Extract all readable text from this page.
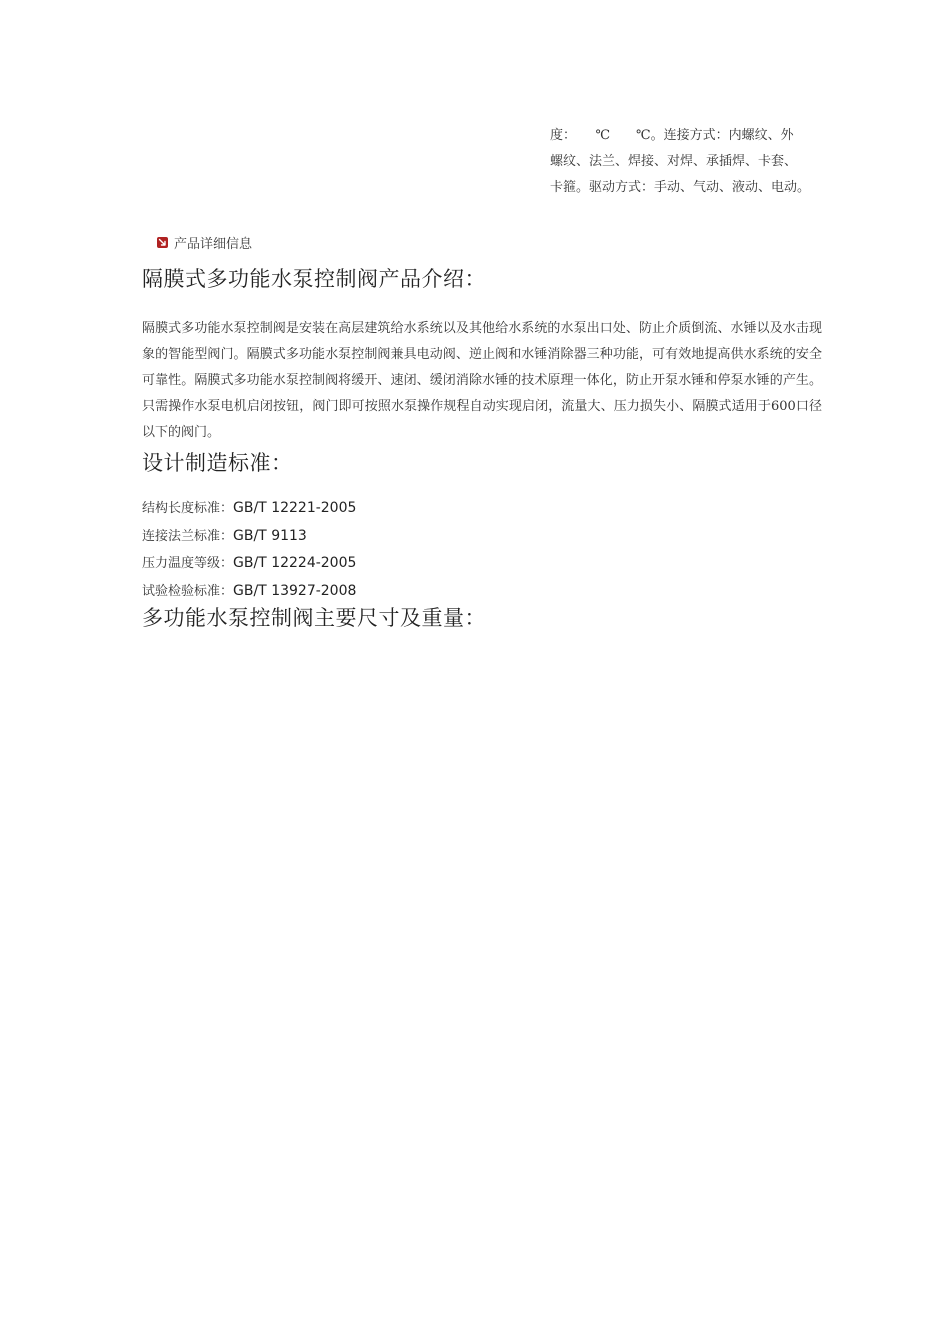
度：　　℃　　℃。连接方式：内螺纹、外
螺纹、法兰、焊接、对焊、承插焊、卡套、
卡箍。驱动方式：手动、气动、液动、电动。
产品详细信息
隔膜式多功能水泵控制阀产品介绍：

隔膜式多功能水泵控制阀是安装在高层建筑给水系统以及其他给水系统的水泵出口处、防止介质倒流、水锤以及水击现象的智能型阀门。隔膜式多功能水泵控制阀兼具电动阀、逆止阀和水锤消除器三种功能，可有效地提高供水系统的安全可靠性。隔膜式多功能水泵控制阀将缓开、速闭、缓闭消除水锤的技术原理一体化，防止开泵水锤和停泵水锤的产生。只需操作水泵电机启闭按钮，阀门即可按照水泵操作规程自动实现启闭，流量大、压力损失小、隔膜式适用于600口径以下的阀门。

设计制造标准：
结构长度标准：GB/T 12221-2005
连接法兰标准：GB/T 9113
压力温度等级：GB/T 12224-2005
试验检验标准：GB/T 13927-2008
多功能水泵控制阀主要尺寸及重量：
